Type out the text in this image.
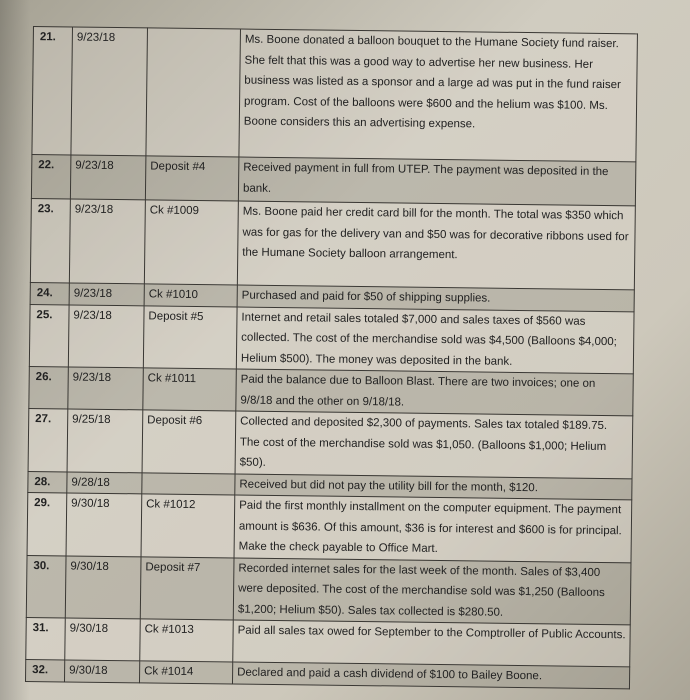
21.	9/23/18		Ms. Boone donated a balloon bouquet to the Humane Society fund raiser. She felt that this was a good way to advertise her new business. Her business was listed as a sponsor and a large ad was put in the fund raiser program. Cost of the balloons were $600 and the helium was $100. Ms. Boone considers this an advertising expense.
22.	9/23/18	Deposit #4	Received payment in full from UTEP. The payment was deposited in the bank.
23.	9/23/18	Ck #1009	Ms. Boone paid her credit card bill for the month. The total was $350 which was for gas for the delivery van and $50 was for decorative ribbons used for the Humane Society balloon arrangement.
24.	9/23/18	Ck #1010	Purchased and paid for $50 of shipping supplies.
25.	9/23/18	Deposit #5	Internet and retail sales totaled $7,000 and sales taxes of $560 was collected. The cost of the merchandise sold was $4,500 (Balloons $4,000; Helium $500). The money was deposited in the bank.
26.	9/23/18	Ck #1011	Paid the balance due to Balloon Blast. There are two invoices; one on 9/8/18 and the other on 9/18/18.
27.	9/25/18	Deposit #6	Collected and deposited $2,300 of payments. Sales tax totaled $189.75. The cost of the merchandise sold was $1,050. (Balloons $1,000; Helium $50).
28.	9/28/18		Received but did not pay the utility bill for the month, $120.
29.	9/30/18	Ck #1012	Paid the first monthly installment on the computer equipment. The payment amount is $636. Of this amount, $36 is for interest and $600 is for principal. Make the check payable to Office Mart.
30.	9/30/18	Deposit #7	Recorded internet sales for the last week of the month. Sales of $3,400 were deposited. The cost of the merchandise sold was $1,250 (Balloons $1,200; Helium $50). Sales tax collected is $280.50.
31.	9/30/18	Ck #1013	Paid all sales tax owed for September to the Comptroller of Public Accounts.
32.	9/30/18	Ck #1014	Declared and paid a cash dividend of $100 to Bailey Boone.
